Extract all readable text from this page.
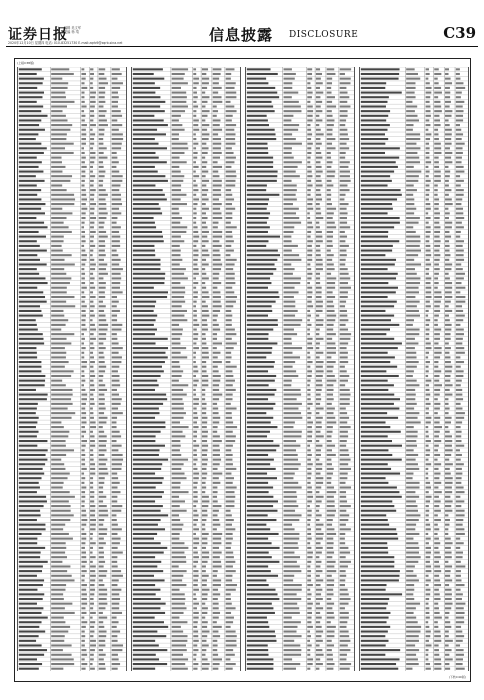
证券日报
编辑 吴文军
美编 杨 靖
2020年12月10日 星期四 电话: 010-83251730 E-mail:zqrb9@zqrb.sina.net	信息披露 DISCLOSURE	C39
(上接C38版)
(下转C40版)
